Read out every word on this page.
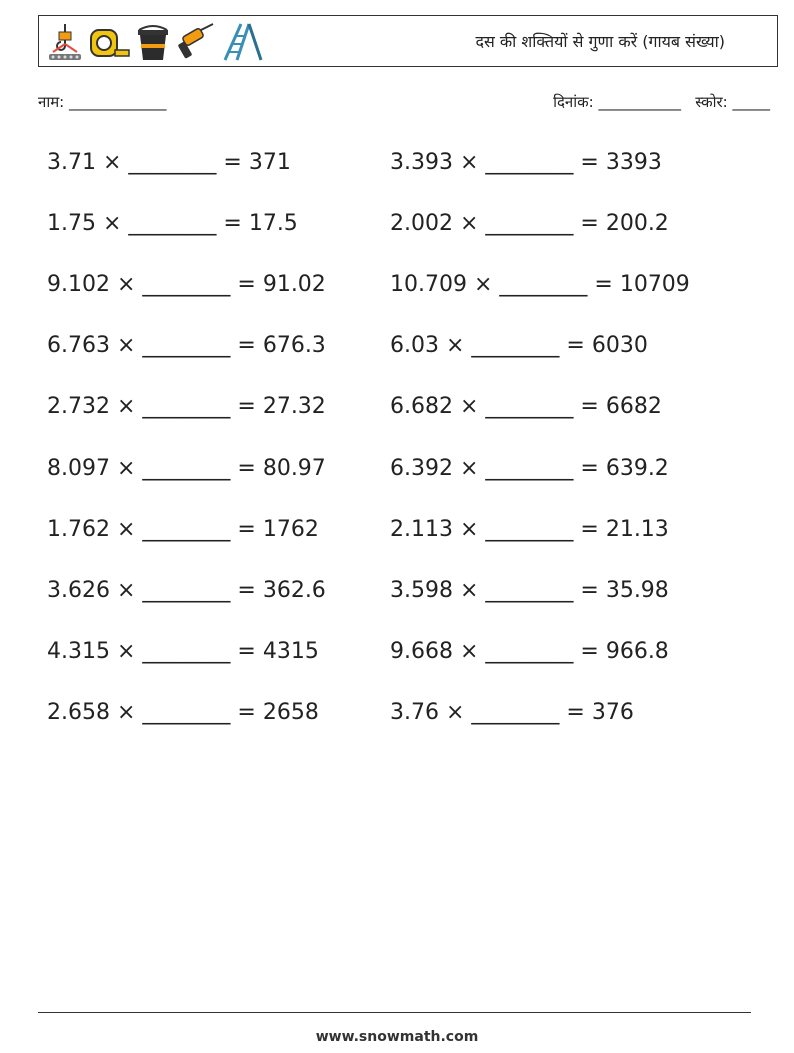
दस की शक्तियों से गुणा करें (गायब संख्या)
नाम: _____________	दिनांक: ___________ स्कोर: _____
3.71 × ________ = 371	3.393 × ________ = 3393
1.75 × ________ = 17.5	2.002 × ________ = 200.2
9.102 × ________ = 91.02	10.709 × ________ = 10709
6.763 × ________ = 676.3	6.03 × ________ = 6030
2.732 × ________ = 27.32	6.682 × ________ = 6682
8.097 × ________ = 80.97	6.392 × ________ = 639.2
1.762 × ________ = 1762	2.113 × ________ = 21.13
3.626 × ________ = 362.6	3.598 × ________ = 35.98
4.315 × ________ = 4315	9.668 × ________ = 966.8
2.658 × ________ = 2658	3.76 × ________ = 376
www.snowmath.com
